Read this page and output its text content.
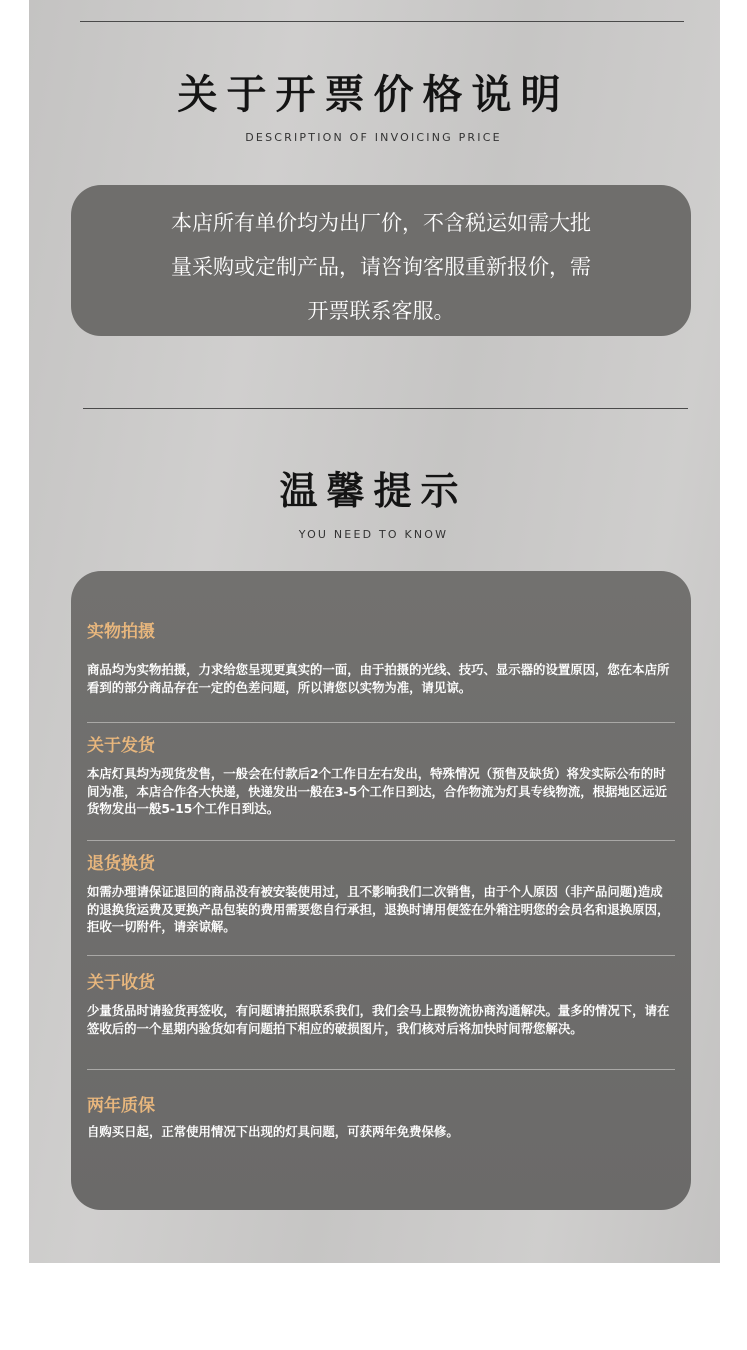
关于开票价格说明
DESCRIPTION OF INVOICING PRICE
本店所有单价均为出厂价，不含税运如需大批
量采购或定制产品，请咨询客服重新报价，需
开票联系客服。
温馨提示
YOU NEED TO KNOW
实物拍摄
商品均为实物拍摄，力求给您呈现更真实的一面，由于拍摄的光线、技巧、显示器的设置原因，您在本店所看到的部分商品存在一定的色差问题，所以请您以实物为准，请见谅。
关于发货
本店灯具均为现货发售，一般会在付款后2个工作日左右发出，特殊情况（预售及缺货）将发实际公布的时间为准，本店合作各大快递，快递发出一般在3-5个工作日到达，合作物流为灯具专线物流，根据地区远近货物发出一般5-15个工作日到达。
退货换货
如需办理请保证退回的商品没有被安装使用过，且不影响我们二次销售，由于个人原因（非产品问题)造成的退换货运费及更换产品包装的费用需要您自行承担，退换时请用便签在外箱注明您的会员名和退换原因，拒收一切附件，请亲谅解。
关于收货
少量货品时请验货再签收，有问题请拍照联系我们，我们会马上跟物流协商沟通解决。量多的情况下，请在签收后的一个星期内验货如有问题拍下相应的破损图片，我们核对后将加快时间帮您解决。
两年质保
自购买日起，正常使用情况下出现的灯具问题，可获两年免费保修。
